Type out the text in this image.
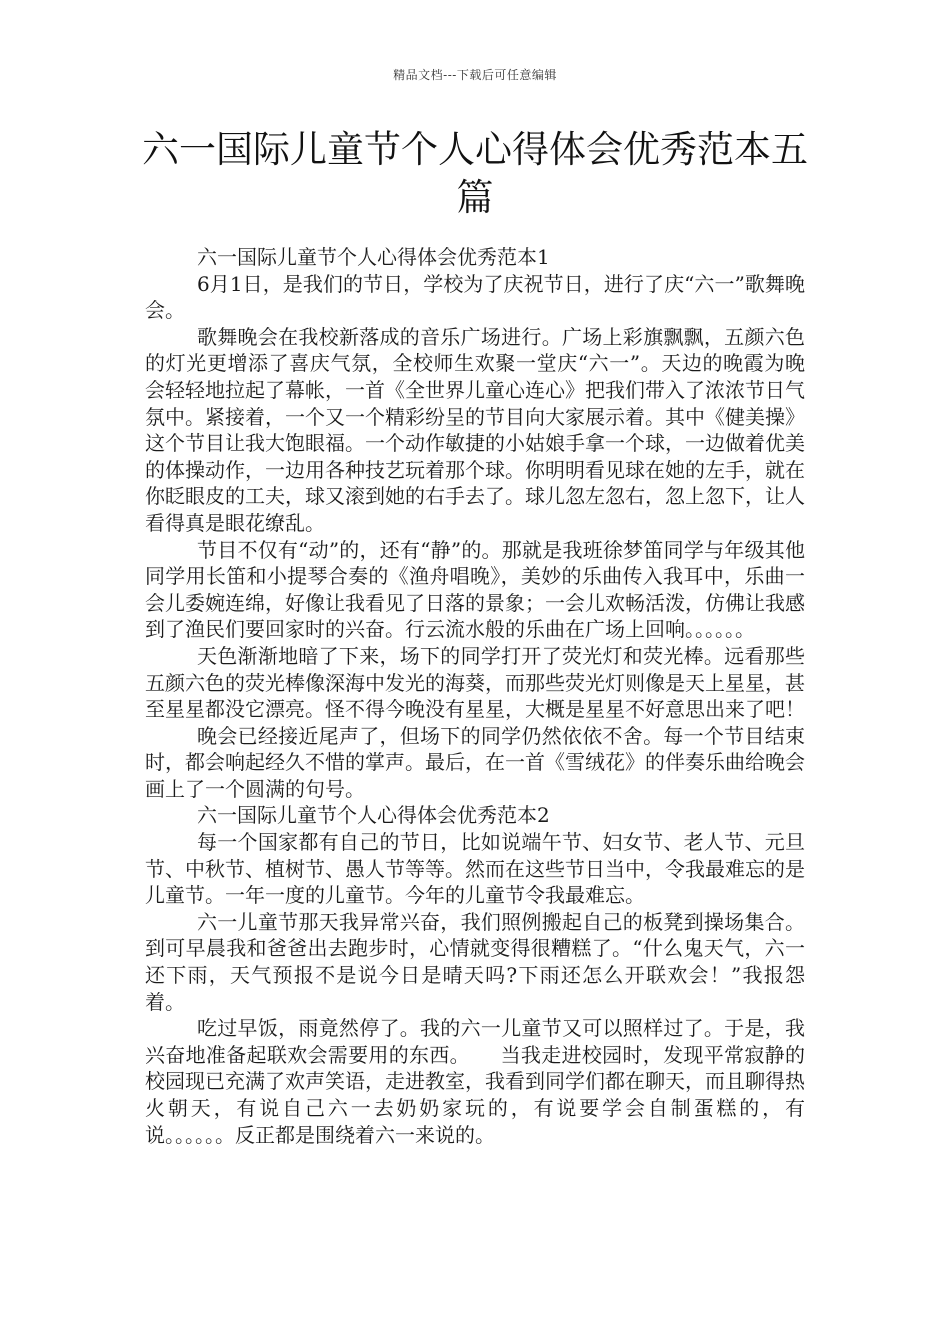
精品文档---下载后可任意编辑
六一国际儿童节个人心得体会优秀范本五篇

六一国际儿童节个人心得体会优秀范本1

6月1日，是我们的节日，学校为了庆祝节日，进行了庆“六一”歌舞晚会。

歌舞晚会在我校新落成的音乐广场进行。广场上彩旗飘飘，五颜六色的灯光更增添了喜庆气氛，全校师生欢聚一堂庆“六一”。天边的晚霞为晚会轻轻地拉起了幕帐，一首《全世界儿童心连心》把我们带入了浓浓节日气氛中。紧接着，一个又一个精彩纷呈的节目向大家展示着。其中《健美操》这个节目让我大饱眼福。一个动作敏捷的小姑娘手拿一个球，一边做着优美的体操动作，一边用各种技艺玩着那个球。你明明看见球在她的左手，就在你眨眼皮的工夫，球又滚到她的右手去了。球儿忽左忽右，忽上忽下，让人看得真是眼花缭乱。

节目不仅有“动”的，还有“静”的。那就是我班徐梦笛同学与年级其他同学用长笛和小提琴合奏的《渔舟唱晚》，美妙的乐曲传入我耳中，乐曲一会儿委婉连绵，好像让我看见了日落的景象；一会儿欢畅活泼，仿佛让我感到了渔民们要回家时的兴奋。行云流水般的乐曲在广场上回响。。。。。。

天色渐渐地暗了下来，场下的同学打开了荧光灯和荧光棒。远看那些五颜六色的荧光棒像深海中发光的海葵，而那些荧光灯则像是天上星星，甚至星星都没它漂亮。怪不得今晚没有星星，大概是星星不好意思出来了吧！

晚会已经接近尾声了，但场下的同学仍然依依不舍。每一个节目结束时，都会响起经久不惜的掌声。最后，在一首《雪绒花》的伴奏乐曲给晚会画上了一个圆满的句号。

六一国际儿童节个人心得体会优秀范本2

每一个国家都有自己的节日，比如说端午节、妇女节、老人节、元旦节、中秋节、植树节、愚人节等等。然而在这些节日当中，令我最难忘的是儿童节。一年一度的儿童节。今年的儿童节令我最难忘。

六一儿童节那天我异常兴奋，我们照例搬起自己的板凳到操场集合。到可早晨我和爸爸出去跑步时，心情就变得很糟糕了。“什么鬼天气，六一还下雨，天气预报不是说今日是晴天吗?下雨还怎么开联欢会！”我报怨着。

吃过早饭，雨竟然停了。我的六一儿童节又可以照样过了。于是，我兴奋地准备起联欢会需要用的东西。　　当我走进校园时，发现平常寂静的校园现已充满了欢声笑语，走进教室，我看到同学们都在聊天，而且聊得热火朝天，有说自己六一去奶奶家玩的，有说要学会自制蛋糕的，有说。。。。。。反正都是围绕着六一来说的。
